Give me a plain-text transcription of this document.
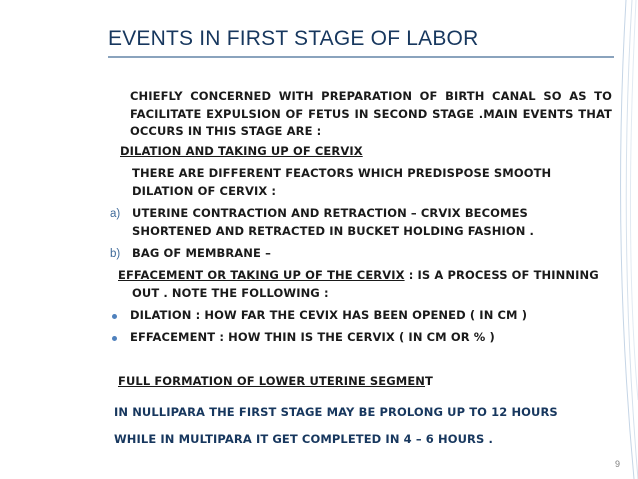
EVENTS IN FIRST STAGE OF LABOR
CHIEFLY CONCERNED WITH PREPARATION OF BIRTH CANAL SO AS TO FACILITATE EXPULSION OF FETUS IN SECOND STAGE .MAIN EVENTS THAT OCCURS IN THIS STAGE ARE :
DILATION AND TAKING UP OF CERVIX
THERE ARE DIFFERENT FEACTORS WHICH PREDISPOSE SMOOTH
DILATION OF CERVIX :
a) UTERINE CONTRACTION AND RETRACTION – CRVIX BECOMES
SHORTENED AND RETRACTED IN BUCKET HOLDING FASHION .
b) BAG OF MEMBRANE –
EFFACEMENT OR TAKING UP OF THE CERVIX : IS A PROCESS OF THINNING
OUT . NOTE THE FOLLOWING :
DILATION : HOW FAR THE CEVIX HAS BEEN OPENED ( IN CM )
EFFACEMENT : HOW THIN IS THE CERVIX ( IN CM OR % )
FULL FORMATION OF LOWER UTERINE SEGMENT
IN NULLIPARA THE FIRST STAGE MAY BE PROLONG UP TO 12 HOURS
WHILE IN MULTIPARA IT GET COMPLETED IN 4 – 6 HOURS .
9
